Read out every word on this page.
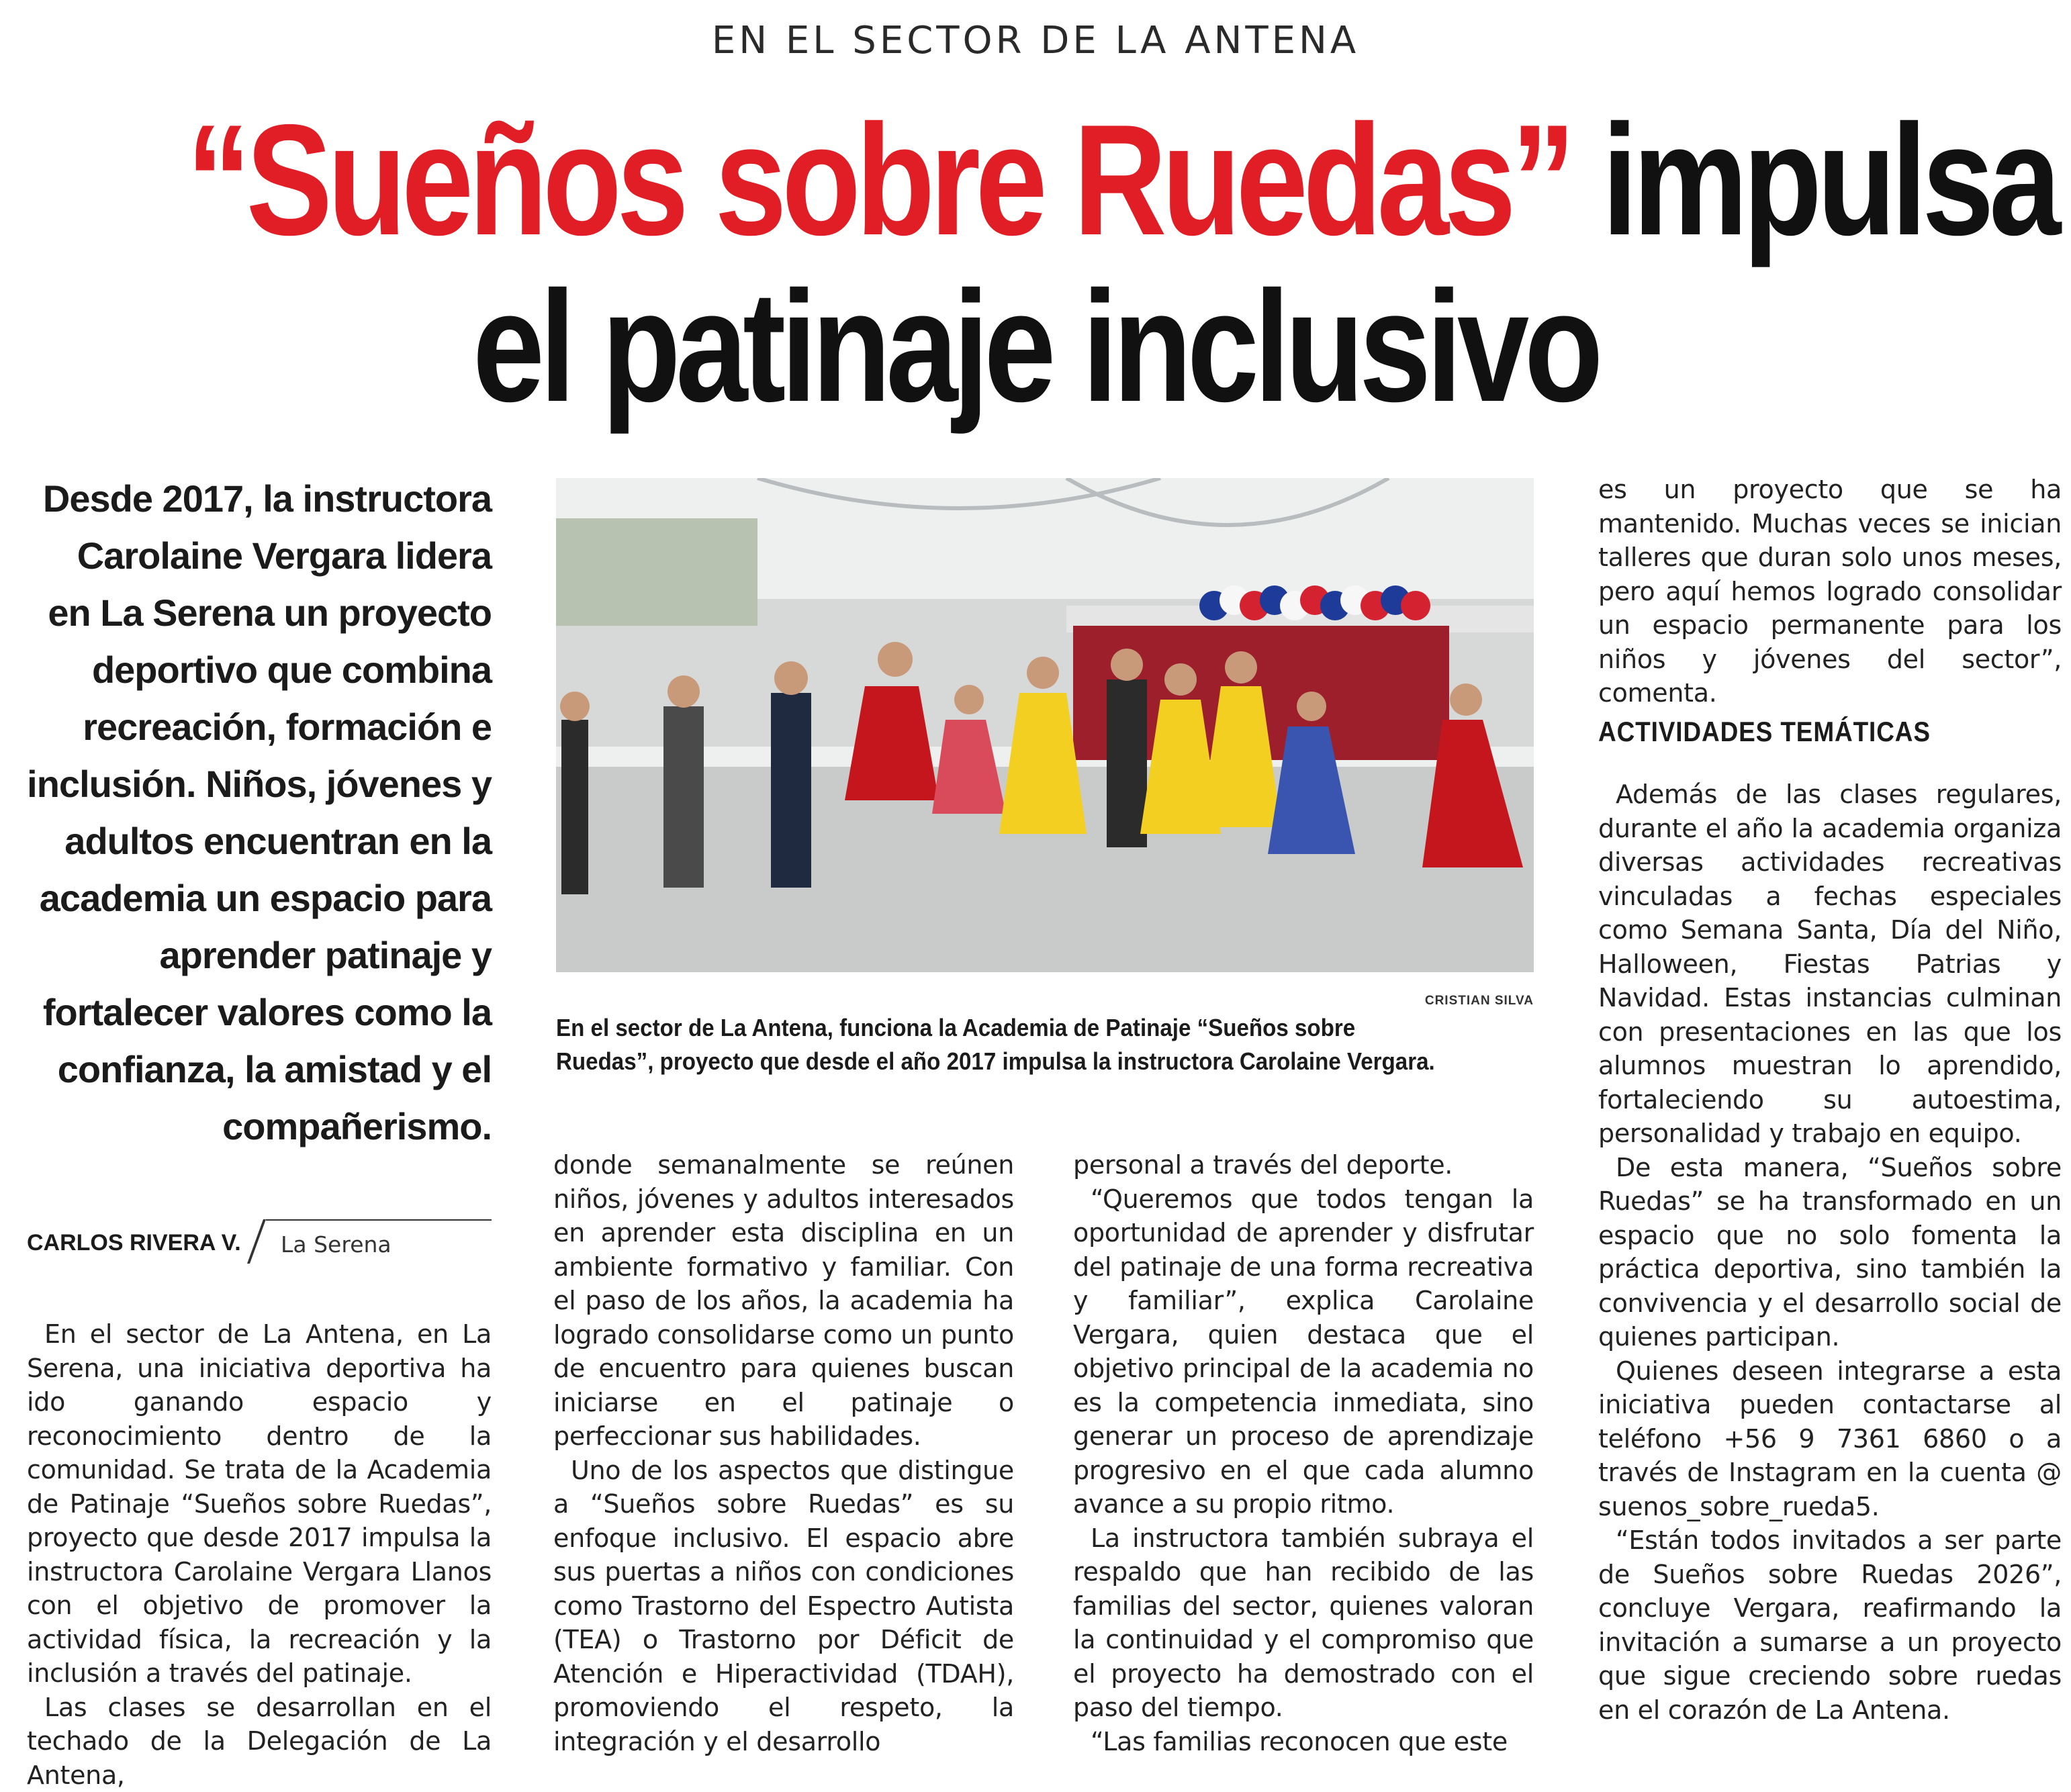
EN EL SECTOR DE LA ANTENA
“Sueños sobre Ruedas” impulsa
el patinaje inclusivo
Desde 2017, la instructora Carolaine Vergara lidera en La Serena un proyecto deportivo que combina recreación, formación e inclusión. Niños, jóvenes y adultos encuentran en la academia un espacio para aprender patinaje y fortalecer valores como la confianza, la amistad y el compañerismo.
CARLOS RIVERA V. La Serena

En el sector de La Antena, en La Serena, una iniciativa deportiva ha ido ganando espacio y reconocimiento dentro de la comunidad. Se trata de la Academia de Patinaje “Sueños sobre Ruedas”, proyecto que desde 2017 impulsa la instructora Carolaine Vergara Llanos con el objetivo de promover la actividad física, la recreación y la inclusión a través del patinaje.

Las clases se desarrollan en el techado de la Delegación de La Antena,

CRISTIAN SILVA
En el sector de La Antena, funciona la Academia de Patinaje “Sueños sobre Ruedas”, proyecto que desde el año 2017 impulsa la instructora Carolaine Vergara.

donde semanalmente se reúnen niños, jóvenes y adultos interesados en aprender esta disciplina en un ambiente formativo y familiar. Con el paso de los años, la academia ha logrado consolidarse como un punto de encuentro para quienes buscan iniciarse en el patinaje o perfeccionar sus habilidades.

Uno de los aspectos que distingue a “Sueños sobre Ruedas” es su enfoque inclusivo. El espacio abre sus puertas a niños con condiciones como Trastorno del Espectro Autista (TEA) o Trastorno por Déficit de Atención e Hiperactividad (TDAH), promoviendo el respeto, la integración y el desarrollo

personal a través del deporte.

“Queremos que todos tengan la oportunidad de aprender y disfrutar del patinaje de una forma recreativa y familiar”, explica Carolaine Vergara, quien destaca que el objetivo principal de la academia no es la competencia inmediata, sino generar un proceso de aprendizaje progresivo en el que cada alumno avance a su propio ritmo.

La instructora también subraya el respaldo que han recibido de las familias del sector, quienes valoran la continuidad y el compromiso que el proyecto ha demostrado con el paso del tiempo.

“Las familias reconocen que este

es un proyecto que se ha mantenido. Muchas veces se inician talleres que duran solo unos meses, pero aquí hemos logrado consolidar un espacio permanente para los niños y jóvenes del sector”, comenta.

ACTIVIDADES TEMÁTICAS

Además de las clases regulares, durante el año la academia organiza diversas actividades recreativas vinculadas a fechas especiales como Semana Santa, Día del Niño, Halloween, Fiestas Patrias y Navidad. Estas instancias culminan con presentaciones en las que los alumnos muestran lo aprendido, fortaleciendo su autoestima, personalidad y trabajo en equipo.

De esta manera, “Sueños sobre Ruedas” se ha transformado en un espacio que no solo fomenta la práctica deportiva, sino también la convivencia y el desarrollo social de quienes participan.

Quienes deseen integrarse a esta iniciativa pueden contactarse al teléfono +56 9 7361 6860 o a través de Instagram en la cuenta @ suenos_sobre_rueda5.

“Están todos invitados a ser parte de Sueños sobre Ruedas 2026”, concluye Vergara, reafirmando la invitación a sumarse a un proyecto que sigue creciendo sobre ruedas en el corazón de La Antena.
